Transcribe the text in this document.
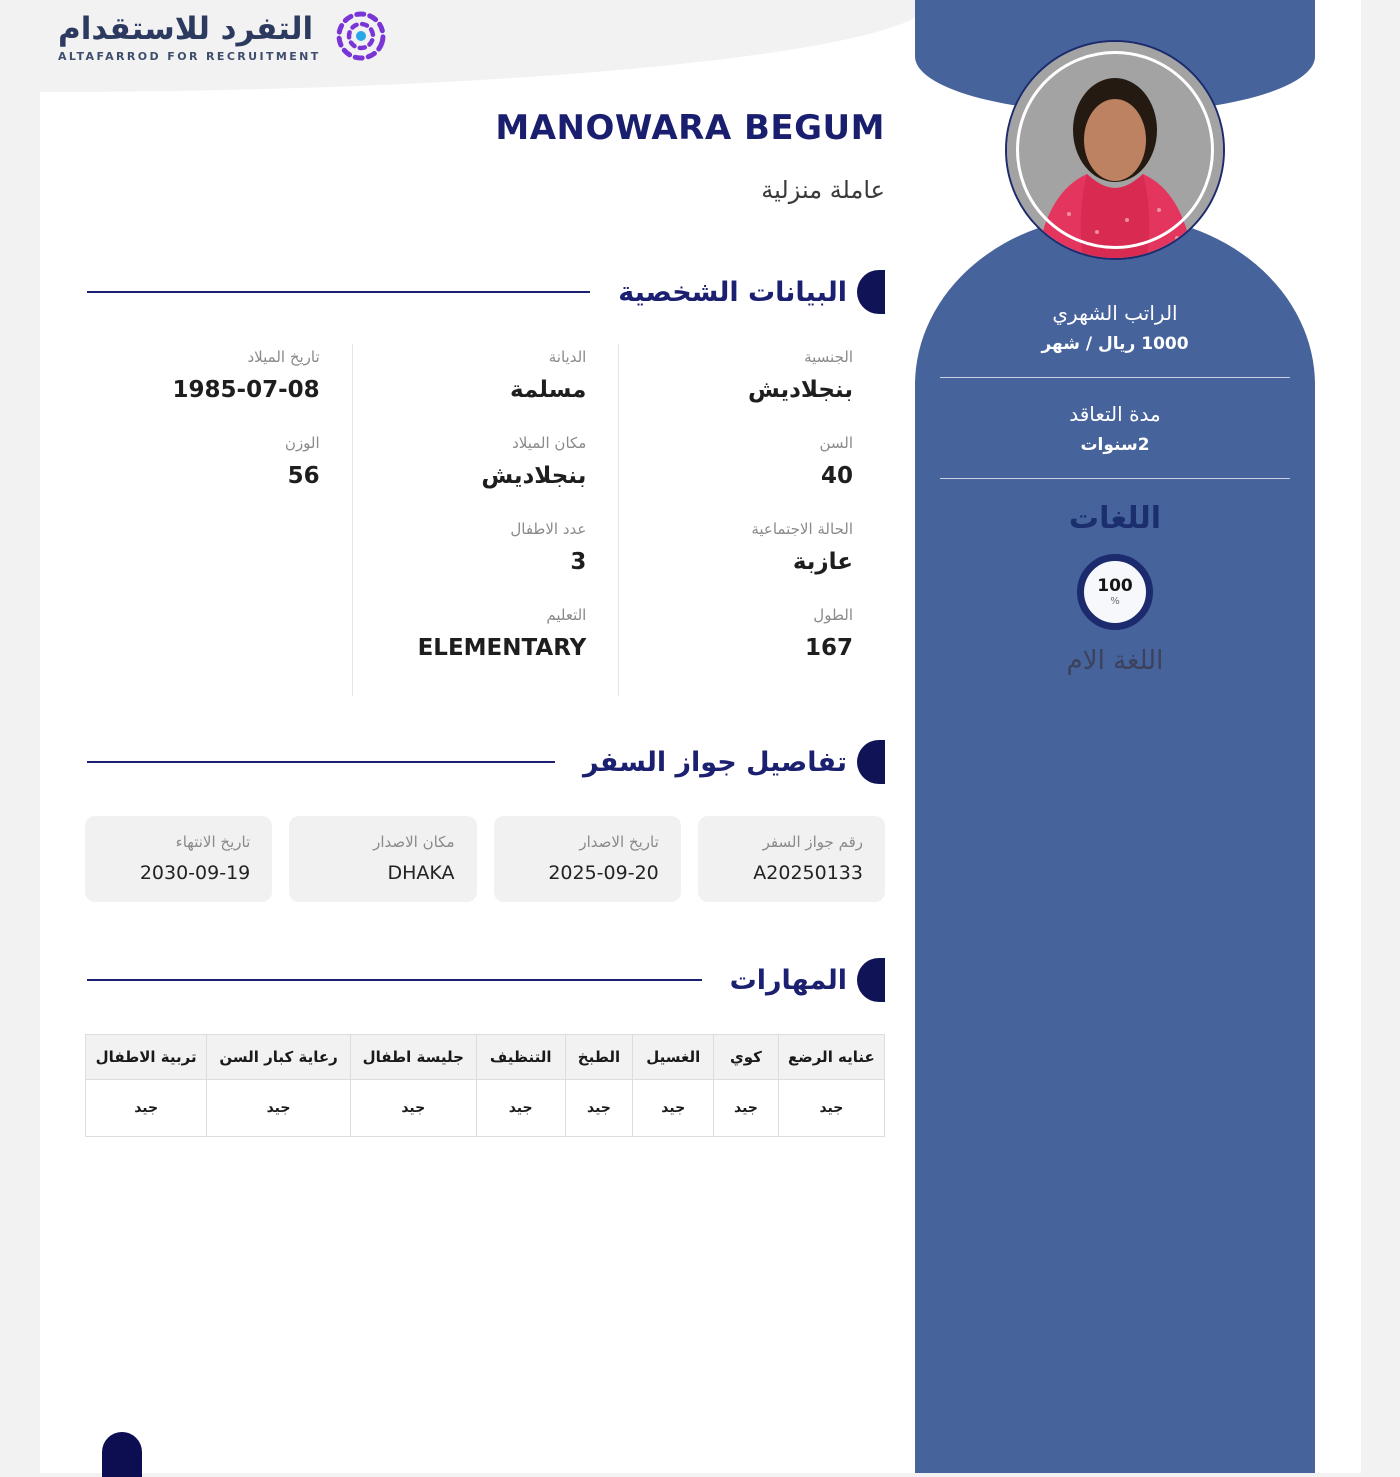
التفرد للاستقدام
ALTAFARROD FOR RECRUITMENT
MANOWARA BEGUM
عاملة منزلية
البيانات الشخصية
الجنسية
بنجلاديش
السن
40
الحالة الاجتماعية
عازبة
الطول
167
الديانة
مسلمة
مكان الميلاد
بنجلاديش
عدد الاطفال
3
التعليم
ELEMENTARY
تاريخ الميلاد
1985-07-08
الوزن
56
تفاصيل جواز السفر
رقم جواز السفر
A20250133
تاريخ الاصدار
2025-09-20
مكان الاصدار
DHAKA
تاريخ الانتهاء
2030-09-19
المهارات
عنايه الرضع	كوي	الغسيل	الطبخ	التنظيف	جليسة اطفال	رعاية كبار السن	تربية الاطفال
جيد	جيد	جيد	جيد	جيد	جيد	جيد	جيد
الراتب الشهري
1000 ريال / شهر
مدة التعاقد
2سنوات
اللغات
100
%
اللغة الام
